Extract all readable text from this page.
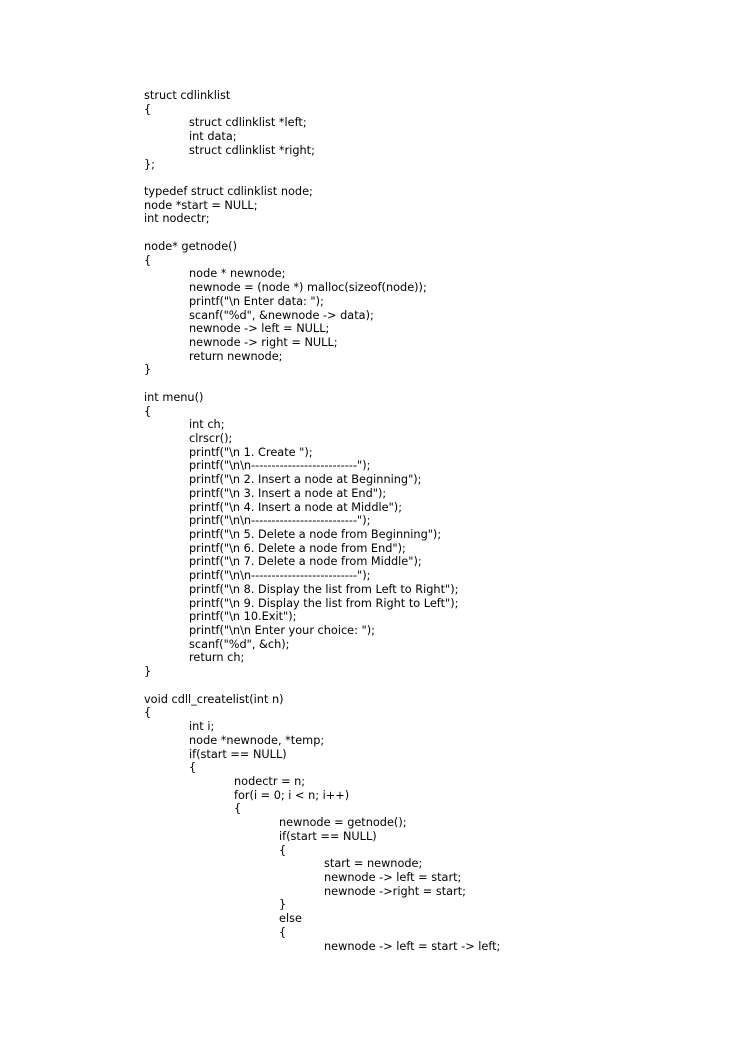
struct cdlinklist
{
struct cdlinklist *left;
int data;
struct cdlinklist *right;
};
typedef struct cdlinklist node;
node *start = NULL;
int nodectr;
node* getnode()
{
node * newnode;
newnode = (node *) malloc(sizeof(node));
printf("\n Enter data: ");
scanf("%d", &newnode -> data);
newnode -> left = NULL;
newnode -> right = NULL;
return newnode;
}
int menu()
{
int ch;
clrscr();
printf("\n 1. Create ");
printf("\n\n--------------------------");
printf("\n 2. Insert a node at Beginning");
printf("\n 3. Insert a node at End");
printf("\n 4. Insert a node at Middle");
printf("\n\n--------------------------");
printf("\n 5. Delete a node from Beginning");
printf("\n 6. Delete a node from End");
printf("\n 7. Delete a node from Middle");
printf("\n\n--------------------------");
printf("\n 8. Display the list from Left to Right");
printf("\n 9. Display the list from Right to Left");
printf("\n 10.Exit");
printf("\n\n Enter your choice: ");
scanf("%d", &ch);
return ch;
}
void cdll_createlist(int n)
{
int i;
node *newnode, *temp;
if(start == NULL)
{
nodectr = n;
for(i = 0; i < n; i++)
{
newnode = getnode();
if(start == NULL)
{
start = newnode;
newnode -> left = start;
newnode ->right = start;
}
else
{
newnode -> left = start -> left;
